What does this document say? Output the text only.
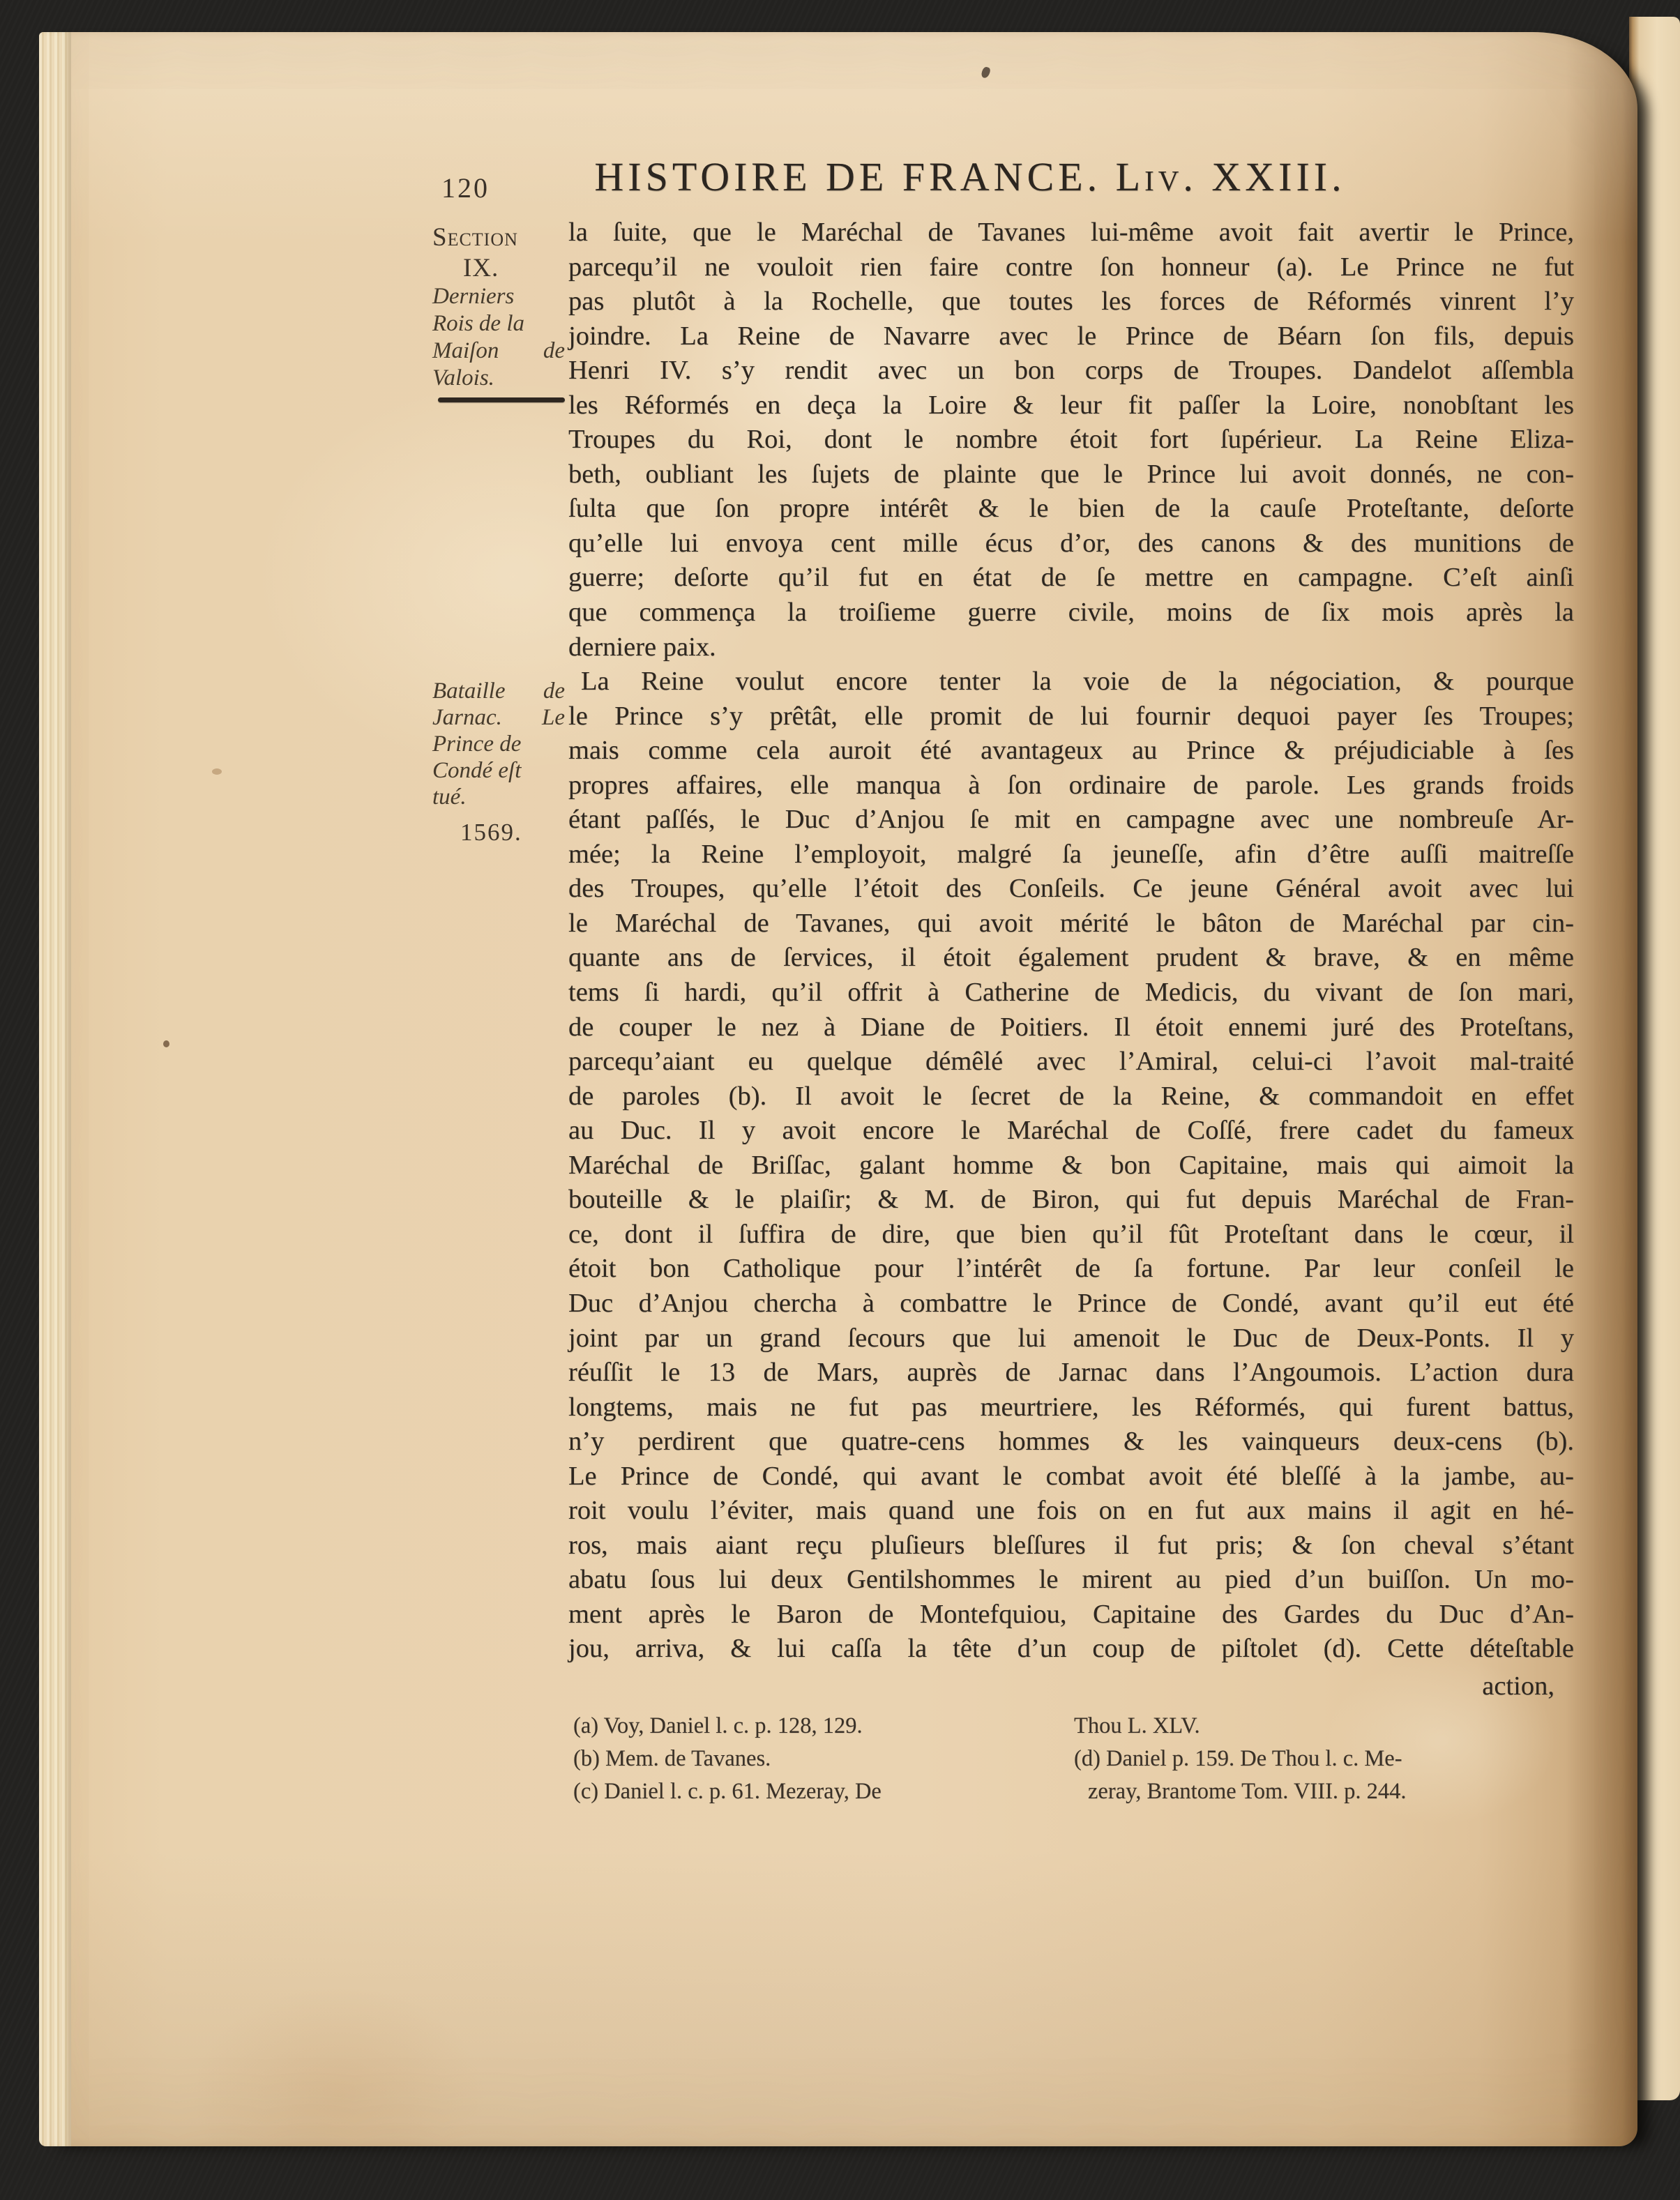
120	HISTOIRE DE FRANCE. Liv. XXIII.
Section
IX.
Derniers
Rois de la
Maiſon de
Valois.
Bataille de
Jarnac. Le
Prince de
Condé eſt
tué.
1569.
la ſuite, que le Maréchal de Tavanes lui-même avoit fait avertir le Prince,
parcequ’il ne vouloit rien faire contre ſon honneur (a). Le Prince ne fut
pas plutôt à la Rochelle, que toutes les forces de Réformés vinrent l’y
joindre. La Reine de Navarre avec le Prince de Béarn ſon fils, depuis
Henri IV. s’y rendit avec un bon corps de Troupes. Dandelot aſſembla
les Réformés en deça la Loire & leur fit paſſer la Loire, nonobſtant les
Troupes du Roi, dont le nombre étoit fort ſupérieur. La Reine Eliza-
beth, oubliant les ſujets de plainte que le Prince lui avoit donnés, ne con-
ſulta que ſon propre intérêt & le bien de la cauſe Proteſtante, deſorte
qu’elle lui envoya cent mille écus d’or, des canons & des munitions de
guerre; deſorte qu’il fut en état de ſe mettre en campagne. C’eſt ainſi
que commença la troiſieme guerre civile, moins de ſix mois après la
derniere paix.
La Reine voulut encore tenter la voie de la négociation, & pourque
le Prince s’y prêtât, elle promit de lui fournir dequoi payer ſes Troupes;
mais comme cela auroit été avantageux au Prince & préjudiciable à ſes
propres affaires, elle manqua à ſon ordinaire de parole. Les grands froids
étant paſſés, le Duc d’Anjou ſe mit en campagne avec une nombreuſe Ar-
mée; la Reine l’employoit, malgré ſa jeuneſſe, afin d’être auſſi maitreſſe
des Troupes, qu’elle l’étoit des Conſeils. Ce jeune Général avoit avec lui
le Maréchal de Tavanes, qui avoit mérité le bâton de Maréchal par cin-
quante ans de ſervices, il étoit également prudent & brave, & en même
tems ſi hardi, qu’il offrit à Catherine de Medicis, du vivant de ſon mari,
de couper le nez à Diane de Poitiers. Il étoit ennemi juré des Proteſtans,
parcequ’aiant eu quelque démêlé avec l’Amiral, celui-ci l’avoit mal-traité
de paroles (b). Il avoit le ſecret de la Reine, & commandoit en effet
au Duc. Il y avoit encore le Maréchal de Coſſé, frere cadet du fameux
Maréchal de Briſſac, galant homme & bon Capitaine, mais qui aimoit la
bouteille & le plaiſir; & M. de Biron, qui fut depuis Maréchal de Fran-
ce, dont il ſuffira de dire, que bien qu’il fût Proteſtant dans le cœur, il
étoit bon Catholique pour l’intérêt de ſa fortune. Par leur conſeil le
Duc d’Anjou chercha à combattre le Prince de Condé, avant qu’il eut été
joint par un grand ſecours que lui amenoit le Duc de Deux-Ponts. Il y
réuſſit le 13 de Mars, auprès de Jarnac dans l’Angoumois. L’action dura
longtems, mais ne fut pas meurtriere, les Réformés, qui furent battus,
n’y perdirent que quatre-cens hommes & les vainqueurs deux-cens (b).
Le Prince de Condé, qui avant le combat avoit été bleſſé à la jambe, au-
roit voulu l’éviter, mais quand une fois on en fut aux mains il agit en hé-
ros, mais aiant reçu pluſieurs bleſſures il fut pris; & ſon cheval s’étant
abatu ſous lui deux Gentilshommes le mirent au pied d’un buiſſon. Un mo-
ment après le Baron de Montefquiou, Capitaine des Gardes du Duc d’An-
jou, arriva, & lui caſſa la tête d’un coup de piſtolet (d). Cette déteſtable
action,
(a) Voy, Daniel l. c. p. 128, 129.
(b) Mem. de Tavanes.
(c) Daniel l. c. p. 61. Mezeray, De
Thou L. XLV.
(d) Daniel p. 159. De Thou l. c. Me-
zeray, Brantome Tom. VIII. p. 244.
